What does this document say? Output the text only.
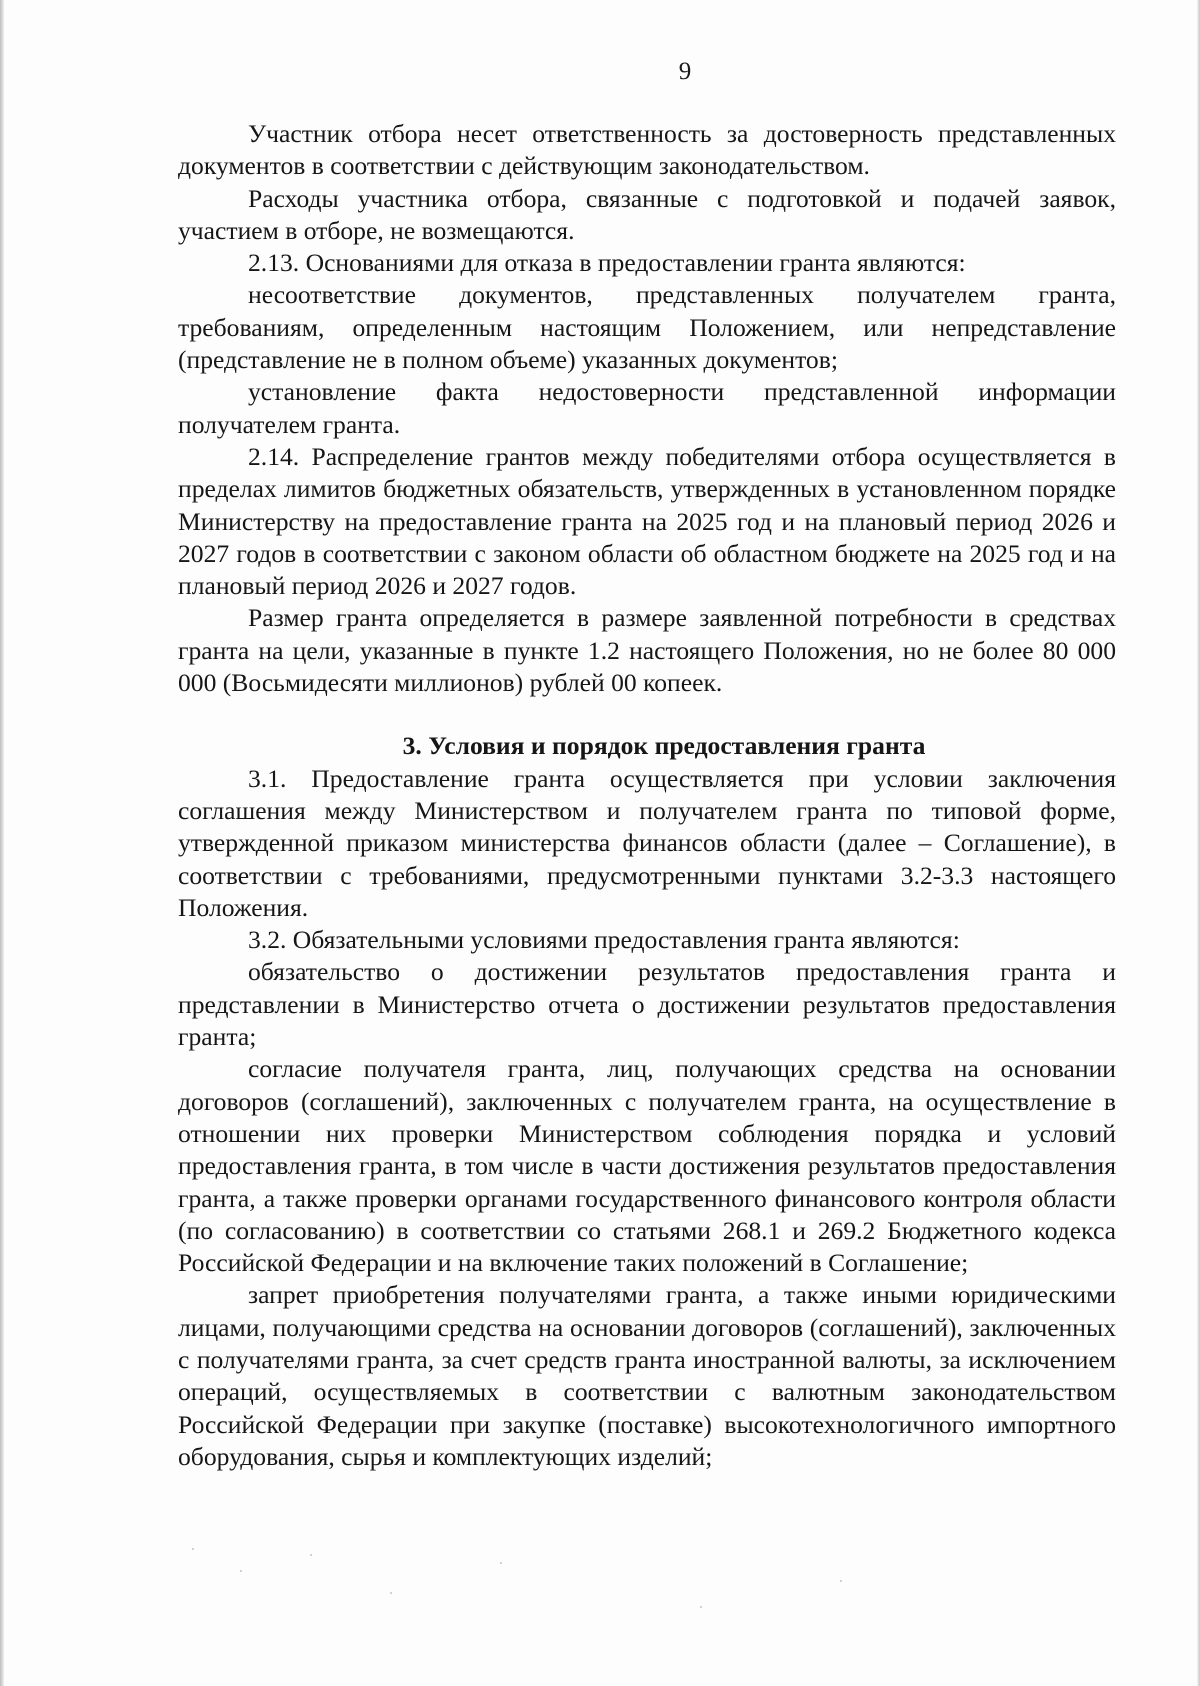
9

Участник отбора несет ответственность за достоверность представленных документов в соответствии с действующим законодательством.

Расходы участника отбора, связанные с подготовкой и подачей заявок, участием в отборе, не возмещаются.

2.13. Основаниями для отказа в предоставлении гранта являются:

несоответствие документов, представленных получателем гранта, требованиям, определенным настоящим Положением, или непредставление (представление не в полном объеме) указанных документов;

установление факта недостоверности представленной информации получателем гранта.

2.14. Распределение грантов между победителями отбора осуществляется в пределах лимитов бюджетных обязательств, утвержденных в установленном порядке Министерству на предоставление гранта на 2025 год и на плановый период 2026 и 2027 годов в соответствии с законом области об областном бюджете на 2025 год и на плановый период 2026 и 2027 годов.

Размер гранта определяется в размере заявленной потребности в средствах гранта на цели, указанные в пункте 1.2 настоящего Положения, но не более 80 000 000 (Восьмидесяти миллионов) рублей 00 копеек.

3. Условия и порядок предоставления гранта

3.1. Предоставление гранта осуществляется при условии заключения соглашения между Министерством и получателем гранта по типовой форме, утвержденной приказом министерства финансов области (далее – Соглашение), в соответствии с требованиями, предусмотренными пунктами 3.2-3.3 настоящего Положения.

3.2. Обязательными условиями предоставления гранта являются:

обязательство о достижении результатов предоставления гранта и представлении в Министерство отчета о достижении результатов предоставления гранта;

согласие получателя гранта, лиц, получающих средства на основании договоров (соглашений), заключенных с получателем гранта, на осуществление в отношении них проверки Министерством соблюдения порядка и условий предоставления гранта, в том числе в части достижения результатов предоставления гранта, а также проверки органами государственного финансового контроля области (по согласованию) в соответствии со статьями 268.1 и 269.2 Бюджетного кодекса Российской Федерации и на включение таких положений в Соглашение;

запрет приобретения получателями гранта, а также иными юридическими лицами, получающими средства на основании договоров (соглашений), заключенных с получателями гранта, за счет средств гранта иностранной валюты, за исключением операций, осуществляемых в соответствии с валютным законодательством Российской Федерации при закупке (поставке) высокотехнологичного импортного оборудования, сырья и комплектующих изделий;
